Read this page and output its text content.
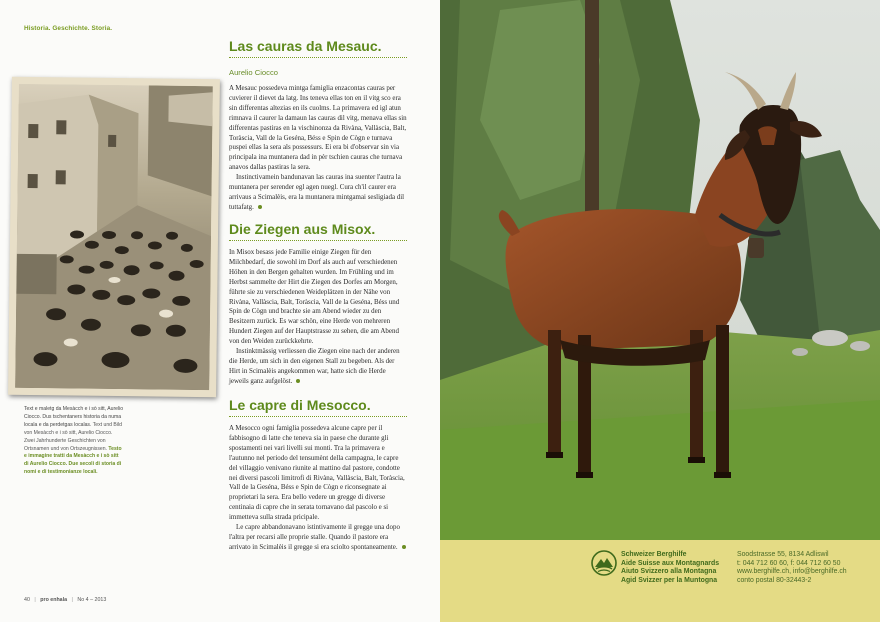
Historia. Geschichte. Storia.
Text e maletg da Mesàcch e i sò sitt, Aurelio Ciocco. Dus tschentaners historia da numa locala e da perdetgas localas. Text und Bild von Mesàcch e i sò sitt, Aurelio Ciocco. Zwei Jahrhunderte Geschichten von Ortsnamen und von Ortszeugnissen. Testo e immagine tratti da Mesàcch e i sò sitt di Aurelio Ciocco. Due secoli di storia di nomi e di testimonianze locali.
Las cauras da Mesauc.
Aurelio Ciocco

A Mesauc possedeva mintga famiglia enzacontas cauras per cuvierer il dievet da latg. Ins teneva ellas ton en il vitg sco era sin differentas altezias en ils cuolms. La primavera ed igl atun rimnava il caurer la damaun las cauras dil vitg, menava ellas sin differentas pastiras en la vischinonza da Rivàna, Vallàscia, Balt, Toràscia, Vall de la Geséna, Béss e Spin de Cògn e turnava puspei ellas la sera als possessurs. Ei era bi d'observar sin via principala ina muntanera dad in pèr tschien cauras che turnava anavos dallas pastiras la sera.

Instinctivamein bandunavan las cauras ina suenter l'autra la muntanera per serender egl agen nuegl. Cura ch'il caurer era arrivaus a Scimalèis, era la muntanera mintgamai sesligiada dil tuttafatg.

Die Ziegen aus Misox.

In Misox besass jede Familie einige Ziegen für den Milchbedarf, die sowohl im Dorf als auch auf verschiedenen Höhen in den Bergen gehalten wurden. Im Frühling und im Herbst sammelte der Hirt die Ziegen des Dorfes am Morgen, führte sie zu verschiedenen Weideplätzen in der Nähe von Rivàna, Vallàscia, Balt, Toràscia, Vall de la Geséna, Béss und Spin de Cògn und brachte sie am Abend wieder zu den Besitzern zurück. Es war schön, eine Herde von mehreren Hundert Ziegen auf der Hauptstrasse zu sehen, die am Abend von den Weiden zurückkehrte.

Instinktmässig verliessen die Ziegen eine nach der anderen die Herde, um sich in den eigenen Stall zu begeben. Als der Hirt in Scimalèis angekommen war, hatte sich die Herde jeweils ganz aufgelöst.

Le capre di Mesocco.

A Mesocco ogni famiglia possedeva alcune capre per il fabbisogno di latte che teneva sia in paese che durante gli spostamenti nei vari livelli sui monti. Tra la primavera e l'autunno nel periodo del tensumènt della campagna, le capre del villaggio venivano riunite al mattino dal pastore, condotte nei diversi pascoli limitrofi di Rivàna, Vallàscia, Balt, Toràscia, Vall de la Geséna, Béss e Spin de Cògn e riconsegnate ai proprietari la sera. Era bello vedere un gregge di diverse centinaia di capre che in serata tornavano dal pascolo e si immetteva sulla strada pricipale.

Le capre abbandonavano istintivamente il gregge una dopo l'altra per recarsi alle proprie stalle. Quando il pastore era arrivato in Scimalèis il gregge si era sciolto spontaneamente.

40 | pro enhala | No 4 – 2013
Schweizer Berghilfe
Aide Suisse aux Montagnards
Aiuto Svizzero alla Montagna
Agid Svizzer per la Muntogna
Soodstrasse 55, 8134 Adliswil
t: 044 712 60 60, f: 044 712 60 50
www.berghilfe.ch, info@berghilfe.ch
conto postal 80-32443-2
